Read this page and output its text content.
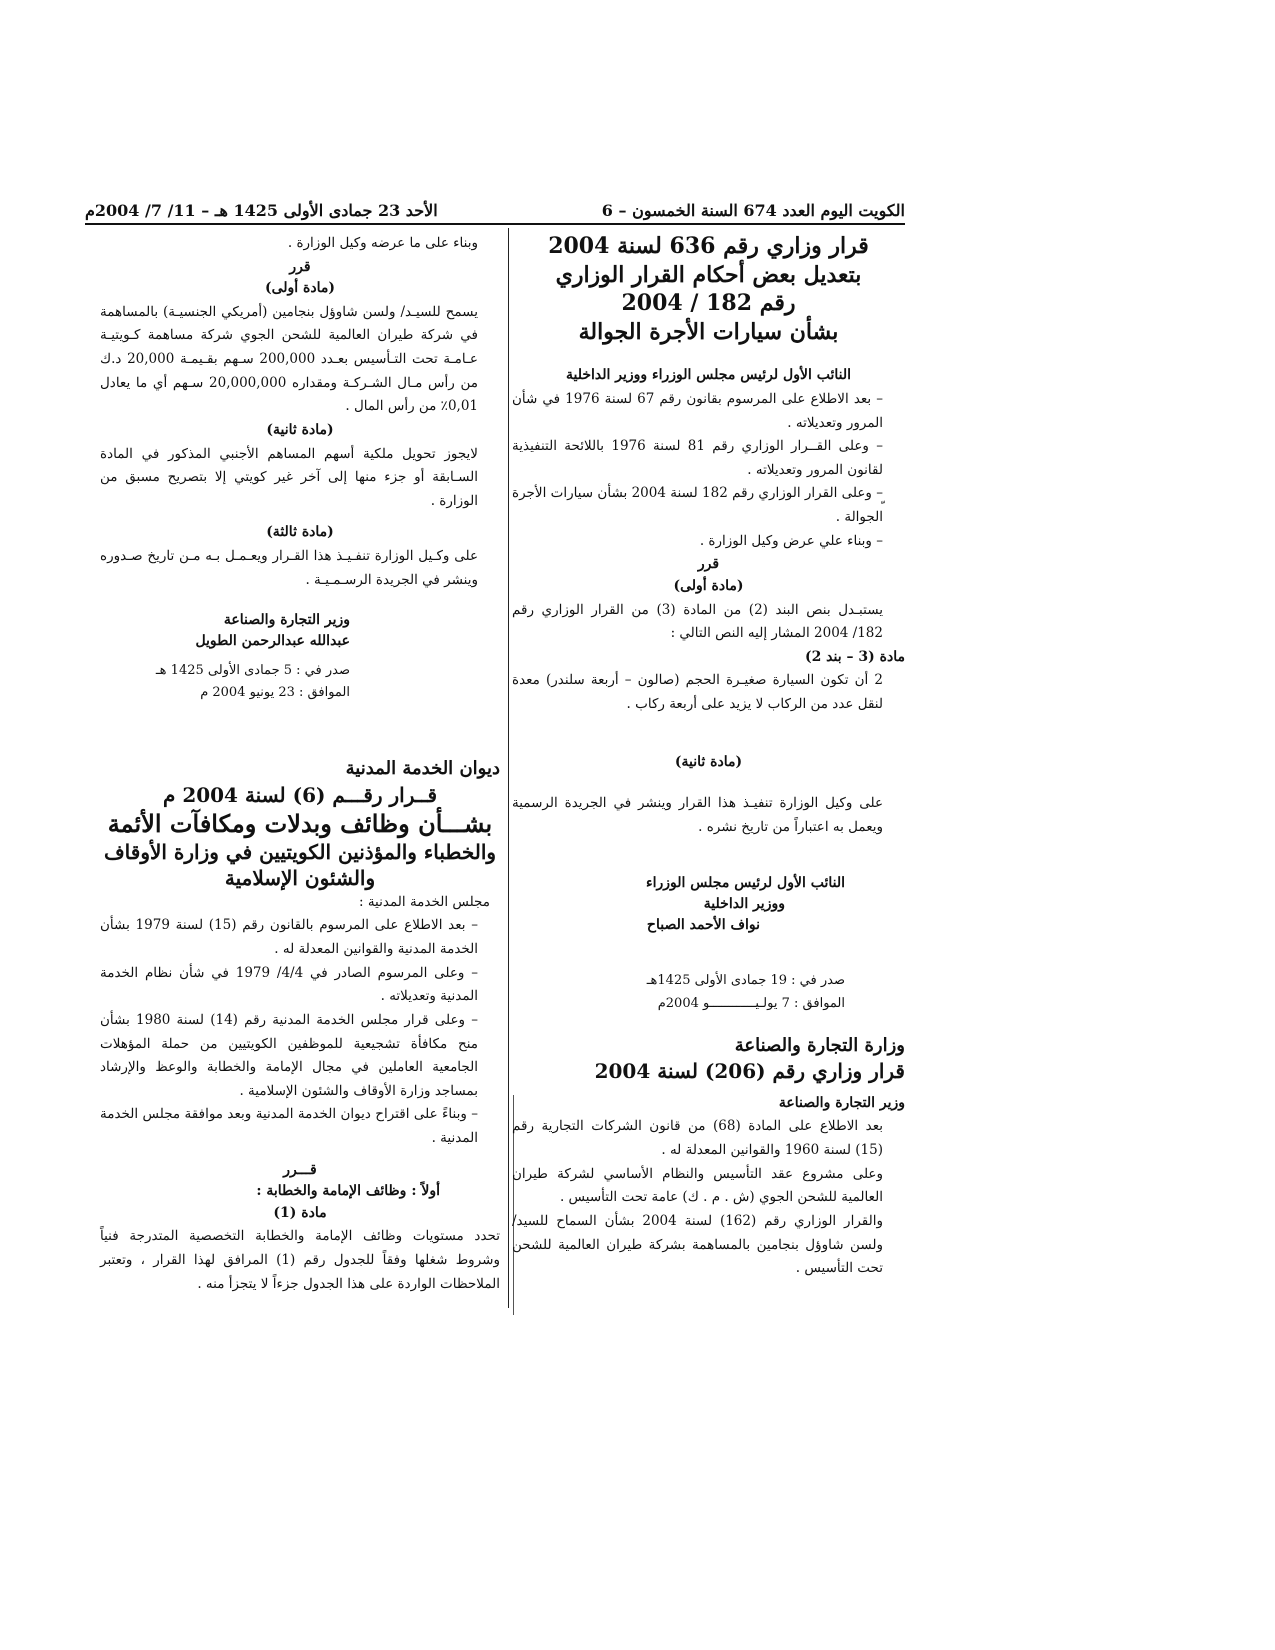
الكويت اليوم العدد 674 السنة الخمسون – 6
الأحد 23 جمادى الأولى 1425 هـ – 11/ 7/ 2004م

قرار وزاري رقم 636 لسنة 2004

بتعديل بعض أحكام القرار الوزاري

رقم 182 / 2004

بشأن سيارات الأجرة الجوالة

النائب الأول لرئيس مجلس الوزراء ووزير الداخلية

– بعد الاطلاع على المرسوم بقانون رقم 67 لسنة 1976 في شأن المرور وتعديلاته .

– وعلى القــرار الوزاري رقم 81 لسنة 1976 باللائحة التنفيذية لقانون المرور وتعديلاته .

– وعلى القرار الوزاري رقم 182 لسنة 2004 بشأن سيارات الأجرة الجوالة .

– وبناء علي عرض وكيل الوزارة .

قرر

(مادة أولى)

يستبـدل بنص البند (2) من المادة (3) من القرار الوزاري رقم 182/ 2004 المشار إليه النص التالي :

مادة (3 – بند 2)

2 أن تكون السيارة صغيـرة الحجم (صالون – أربعة سلندر) معدة لنقل عدد من الركاب لا يزيد على أربعة ركاب .

(مادة ثانية)

على وكيل الوزارة تنفيـذ هذا القرار وينشر في الجريدة الرسمية ويعمل به اعتباراً من تاريخ نشره .

النائب الأول لرئيس مجلس الوزراء

ووزير الداخلية

نواف الأحمد الصباح

صدر في : 19 جمادى الأولى 1425هـ

الموافق : 7 يولـيــــــــــــو 2004م

وزارة التجارة والصناعة

قرار وزاري رقم (206) لسنة 2004

وزير التجارة والصناعة

بعد الاطلاع على المادة (68) من قانون الشركات التجارية رقم (15) لسنة 1960 والقوانين المعدلة له .

وعلى مشروع عقد التأسيس والنظام الأساسي لشركة طيران العالمية للشحن الجوي (ش . م . ك) عامة تحت التأسيس .

والقرار الوزاري رقم (162) لسنة 2004 بشأن السماح للسيد/ ولسن شاوؤل بنجامين بالمساهمة بشركة طيران العالمية للشحن تحت التأسيس .

وبناء على ما عرضه وكيل الوزارة .

قرر

(مادة أولى)

يسمح للسيـد/ ولسن شاوؤل بنجامين (أمريكي الجنسيـة) بالمساهمة في شركة طيران العالمية للشحن الجوي شركة مساهمة كـويتيـة عـامـة تحت التـأسيس بعـدد 200,000 سـهم بقـيمـة 20,000 د.ك من رأس مـال الشـركـة ومقداره 20,000,000 سـهم أي ما يعادل 0,01٪ من رأس المال .

(مادة ثانية)

لايجوز تحويل ملكية أسهم المساهم الأجنبي المذكور في المادة السـابقة أو جزء منها إلى آخر غير كويتي إلا بتصريح مسبق من الوزارة .

(مادة ثالثة)

على وكـيل الوزارة تنفـيـذ هذا القـرار ويعـمـل بـه مـن تاريخ صـدوره وينشر في الجريدة الرسـمـيـة .

وزير التجارة والصناعة

عبدالله عبدالرحمن الطويل

صدر في : 5 جمادى الأولى 1425 هـ

الموافق : 23 يونيو 2004 م

ديوان الخدمة المدنية

قــرار رقـــم (6) لسنة 2004 م

بشـــأن وظائف وبدلات ومكافآت الأئمة

والخطباء والمؤذنين الكويتيين في وزارة الأوقاف

والشئون الإسلامية

مجلس الخدمة المدنية :

– بعد الاطلاع على المرسوم بالقانون رقم (15) لسنة 1979 بشأن الخدمة المدنية والقوانين المعدلة له .

– وعلى المرسوم الصادر في 4/4/ 1979 في شأن نظام الخدمة المدنية وتعديلاته .

– وعلى قرار مجلس الخدمة المدنية رقم (14) لسنة 1980 بشأن منح مكافأة تشجيعية للموظفين الكويتيين من حملة المؤهلات الجامعية العاملين في مجال الإمامة والخطابة والوعظ والإرشاد بمساجد وزارة الأوقاف والشئون الإسلامية .

– وبناءً على اقتراح ديوان الخدمة المدنية وبعد موافقة مجلس الخدمة المدنية .

قـــرر

أولاً : وظائف الإمامة والخطابة :

مادة (1)

تحدد مستويات وظائف الإمامة والخطابة التخصصية المتدرجة فنياً وشروط شغلها وفقاً للجدول رقم (1) المرافق لهذا القرار ، وتعتبر الملاحظات الواردة على هذا الجدول جزءاً لا يتجزأ منه .
